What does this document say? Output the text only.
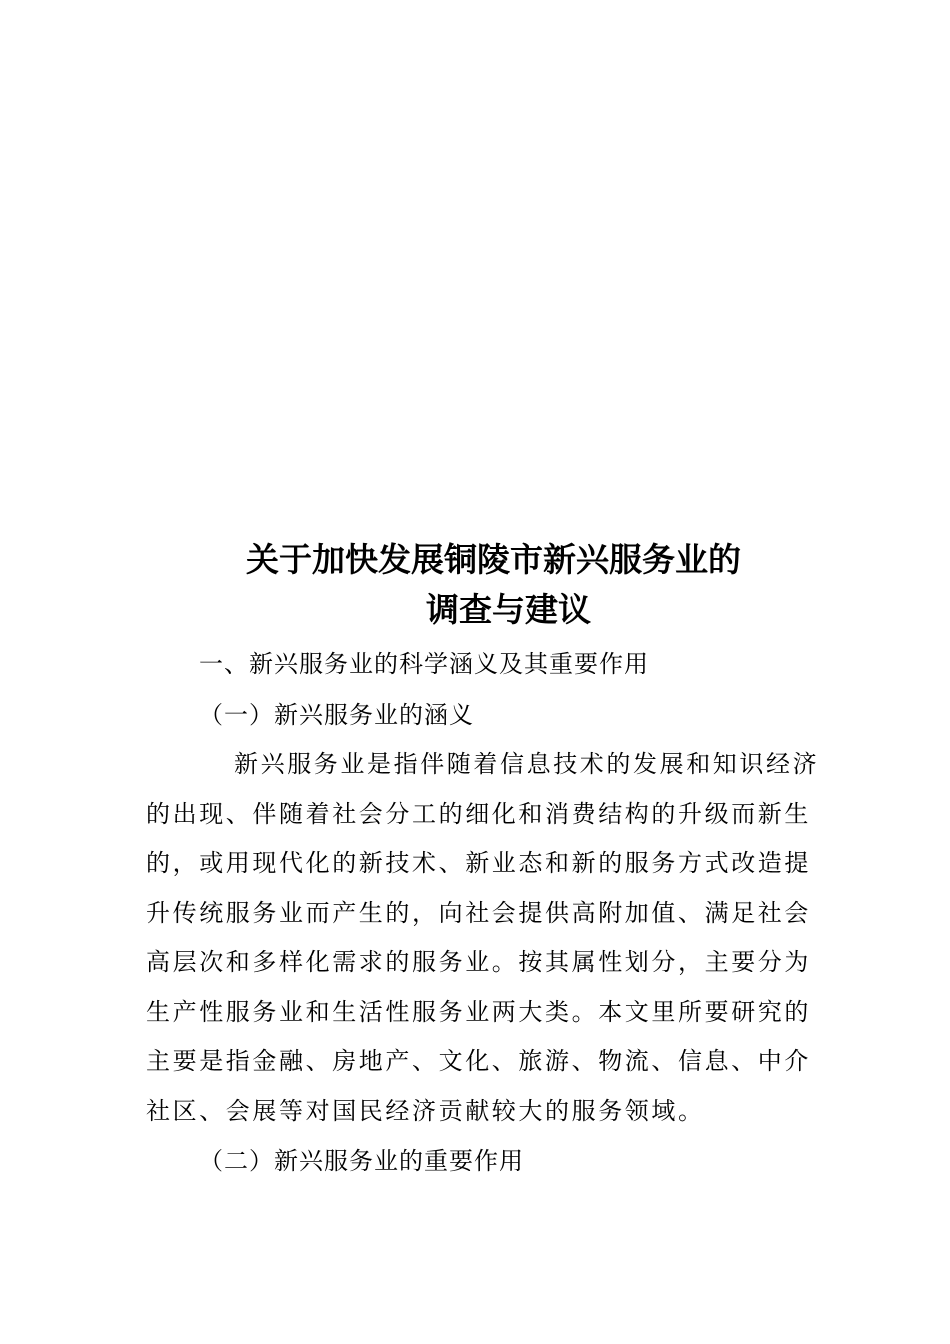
关于加快发展铜陵市新兴服务业的
调查与建议
一、新兴服务业的科学涵义及其重要作用
（一）新兴服务业的涵义
新兴服务业是指伴随着信息技术的发展和知识经济
的出现、伴随着社会分工的细化和消费结构的升级而新生
的，或用现代化的新技术、新业态和新的服务方式改造提
升传统服务业而产生的，向社会提供高附加值、满足社会
高层次和多样化需求的服务业。按其属性划分，主要分为
生产性服务业和生活性服务业两大类。本文里所要研究的
主要是指金融、房地产、文化、旅游、物流、信息、中介
社区、会展等对国民经济贡献较大的服务领域。
（二）新兴服务业的重要作用
